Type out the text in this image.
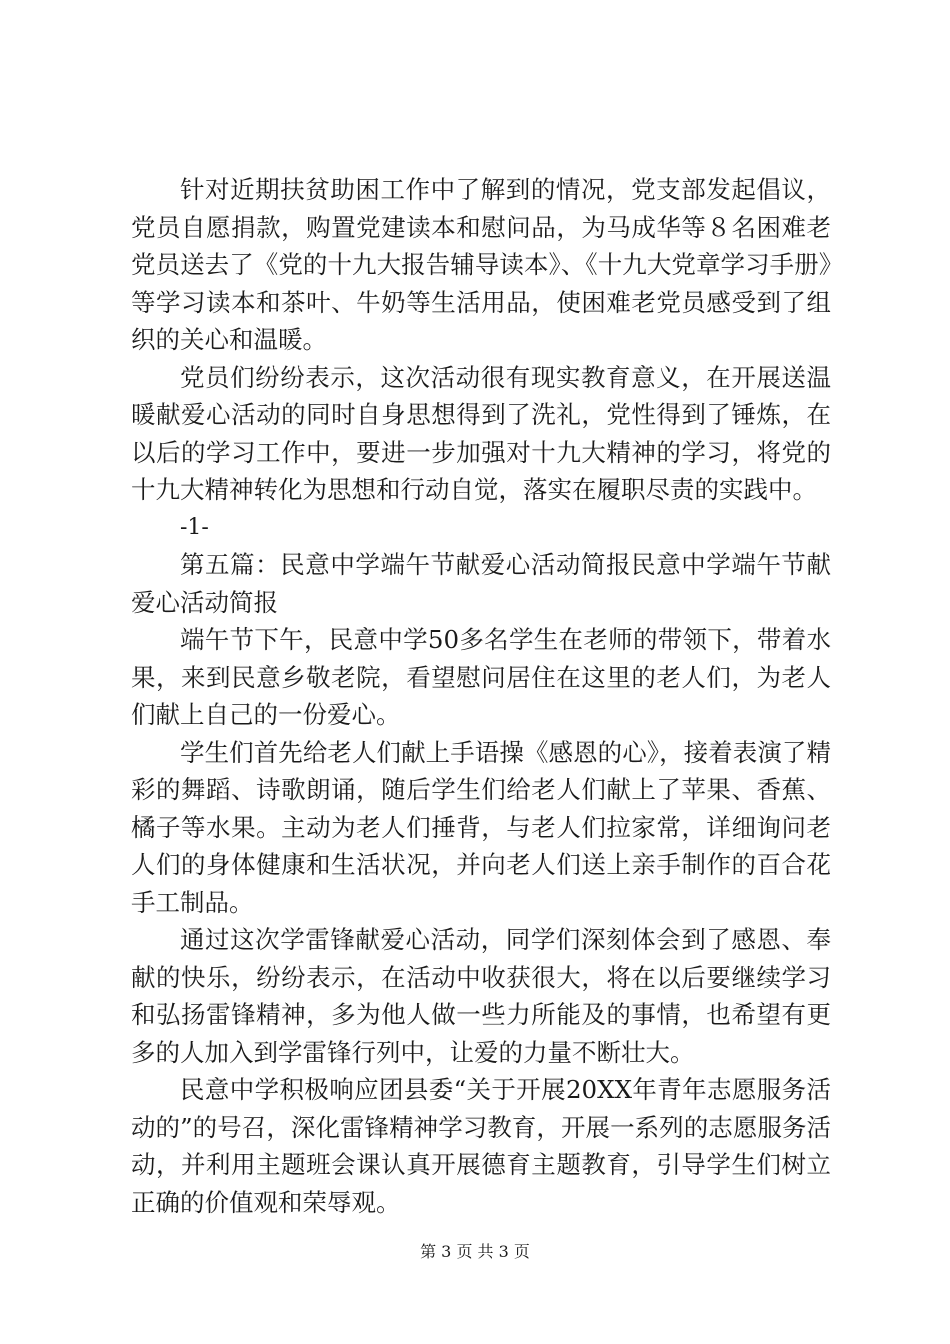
针对近期扶贫助困工作中了解到的情况，党支部发起倡议，党员自愿捐款，购置党建读本和慰问品，为马成华等８名困难老党员送去了《党的十九大报告辅导读本》、《十九大党章学习手册》等学习读本和茶叶、牛奶等生活用品，使困难老党员感受到了组织的关心和温暖。

党员们纷纷表示，这次活动很有现实教育意义，在开展送温暖献爱心活动的同时自身思想得到了洗礼，党性得到了锤炼，在以后的学习工作中，要进一步加强对十九大精神的学习，将党的十九大精神转化为思想和行动自觉，落实在履职尽责的实践中。

-1-

第五篇：民意中学端午节献爱心活动简报民意中学端午节献爱心活动简报

端午节下午，民意中学50多名学生在老师的带领下，带着水果，来到民意乡敬老院，看望慰问居住在这里的老人们，为老人们献上自己的一份爱心。

学生们首先给老人们献上手语操《感恩的心》，接着表演了精彩的舞蹈、诗歌朗诵，随后学生们给老人们献上了苹果、香蕉、橘子等水果。主动为老人们捶背，与老人们拉家常，详细询问老人们的身体健康和生活状况，并向老人们送上亲手制作的百合花手工制品。

通过这次学雷锋献爱心活动，同学们深刻体会到了感恩、奉献的快乐，纷纷表示，在活动中收获很大，将在以后要继续学习和弘扬雷锋精神，多为他人做一些力所能及的事情，也希望有更多的人加入到学雷锋行列中，让爱的力量不断壮大。

民意中学积极响应团县委“关于开展20XX年青年志愿服务活动的”的号召，深化雷锋精神学习教育，开展一系列的志愿服务活动，并利用主题班会课认真开展德育主题教育，引导学生们树立正确的价值观和荣辱观。

第 3 页 共 3 页
